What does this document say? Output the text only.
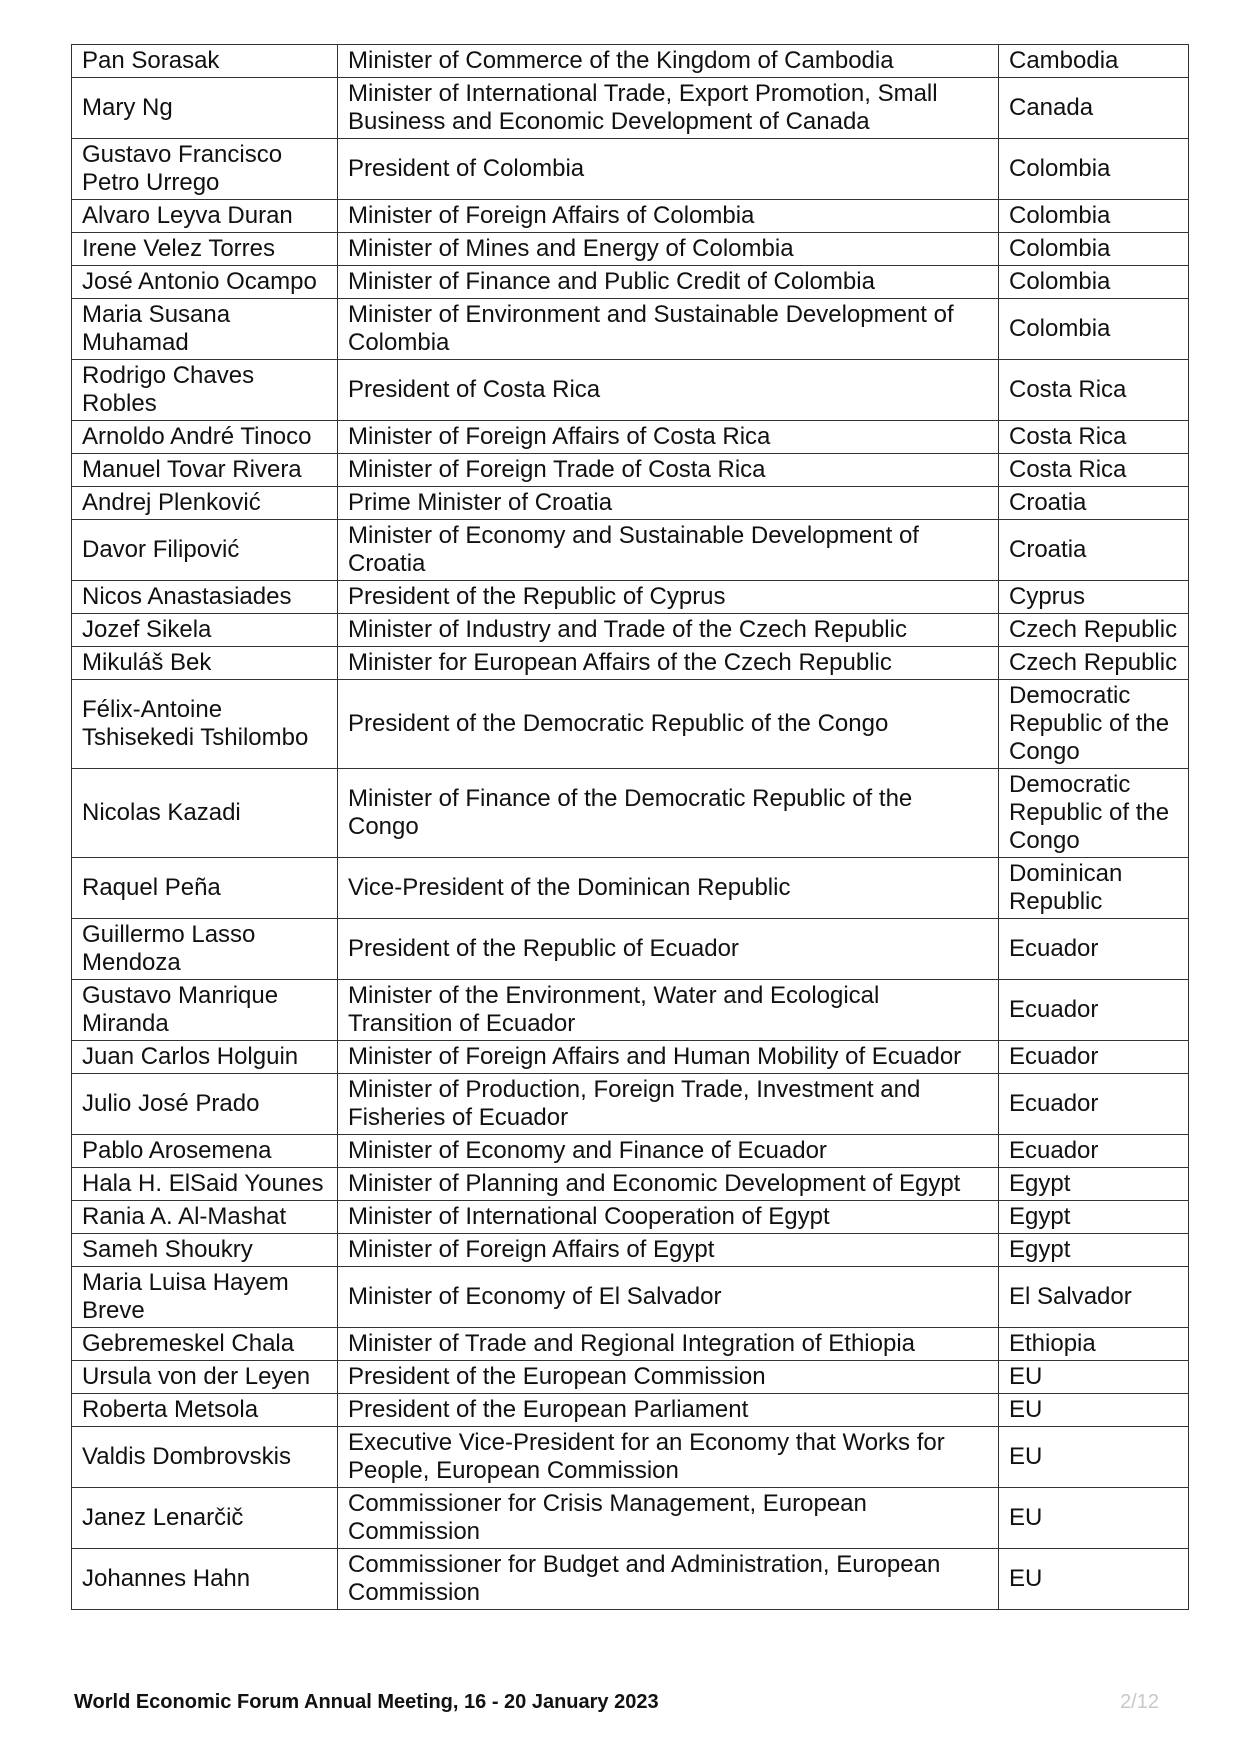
Pan Sorasak	Minister of Commerce of the Kingdom of Cambodia	Cambodia
Mary Ng	Minister of International Trade, Export Promotion, Small Business and Economic Development of Canada	Canada
Gustavo Francisco Petro Urrego	President of Colombia	Colombia
Alvaro Leyva Duran	Minister of Foreign Affairs of Colombia	Colombia
Irene Velez Torres	Minister of Mines and Energy of Colombia	Colombia
José Antonio Ocampo	Minister of Finance and Public Credit of Colombia	Colombia
Maria Susana Muhamad	Minister of Environment and Sustainable Development of Colombia	Colombia
Rodrigo Chaves Robles	President of Costa Rica	Costa Rica
Arnoldo André Tinoco	Minister of Foreign Affairs of Costa Rica	Costa Rica
Manuel Tovar Rivera	Minister of Foreign Trade of Costa Rica	Costa Rica
Andrej Plenković	Prime Minister of Croatia	Croatia
Davor Filipović	Minister of Economy and Sustainable Development of Croatia	Croatia
Nicos Anastasiades	President of the Republic of Cyprus	Cyprus
Jozef Sikela	Minister of Industry and Trade of the Czech Republic	Czech Republic
Mikuláš Bek	Minister for European Affairs of the Czech Republic	Czech Republic
Félix-Antoine Tshisekedi Tshilombo	President of the Democratic Republic of the Congo	Democratic Republic of the Congo
Nicolas Kazadi	Minister of Finance of the Democratic Republic of the Congo	Democratic Republic of the Congo
Raquel Peña	Vice-President of the Dominican Republic	Dominican Republic
Guillermo Lasso Mendoza	President of the Republic of Ecuador	Ecuador
Gustavo Manrique Miranda	Minister of the Environment, Water and Ecological Transition of Ecuador	Ecuador
Juan Carlos Holguin	Minister of Foreign Affairs and Human Mobility of Ecuador	Ecuador
Julio José Prado	Minister of Production, Foreign Trade, Investment and Fisheries of Ecuador	Ecuador
Pablo Arosemena	Minister of Economy and Finance of Ecuador	Ecuador
Hala H. ElSaid Younes	Minister of Planning and Economic Development of Egypt	Egypt
Rania A. Al-Mashat	Minister of International Cooperation of Egypt	Egypt
Sameh Shoukry	Minister of Foreign Affairs of Egypt	Egypt
Maria Luisa Hayem Breve	Minister of Economy of El Salvador	El Salvador
Gebremeskel Chala	Minister of Trade and Regional Integration of Ethiopia	Ethiopia
Ursula von der Leyen	President of the European Commission	EU
Roberta Metsola	President of the European Parliament	EU
Valdis Dombrovskis	Executive Vice-President for an Economy that Works for People, European Commission	EU
Janez Lenarčič	Commissioner for Crisis Management, European Commission	EU
Johannes Hahn	Commissioner for Budget and Administration, European Commission	EU
World Economic Forum Annual Meeting, 16 - 20 January 2023	2/12
